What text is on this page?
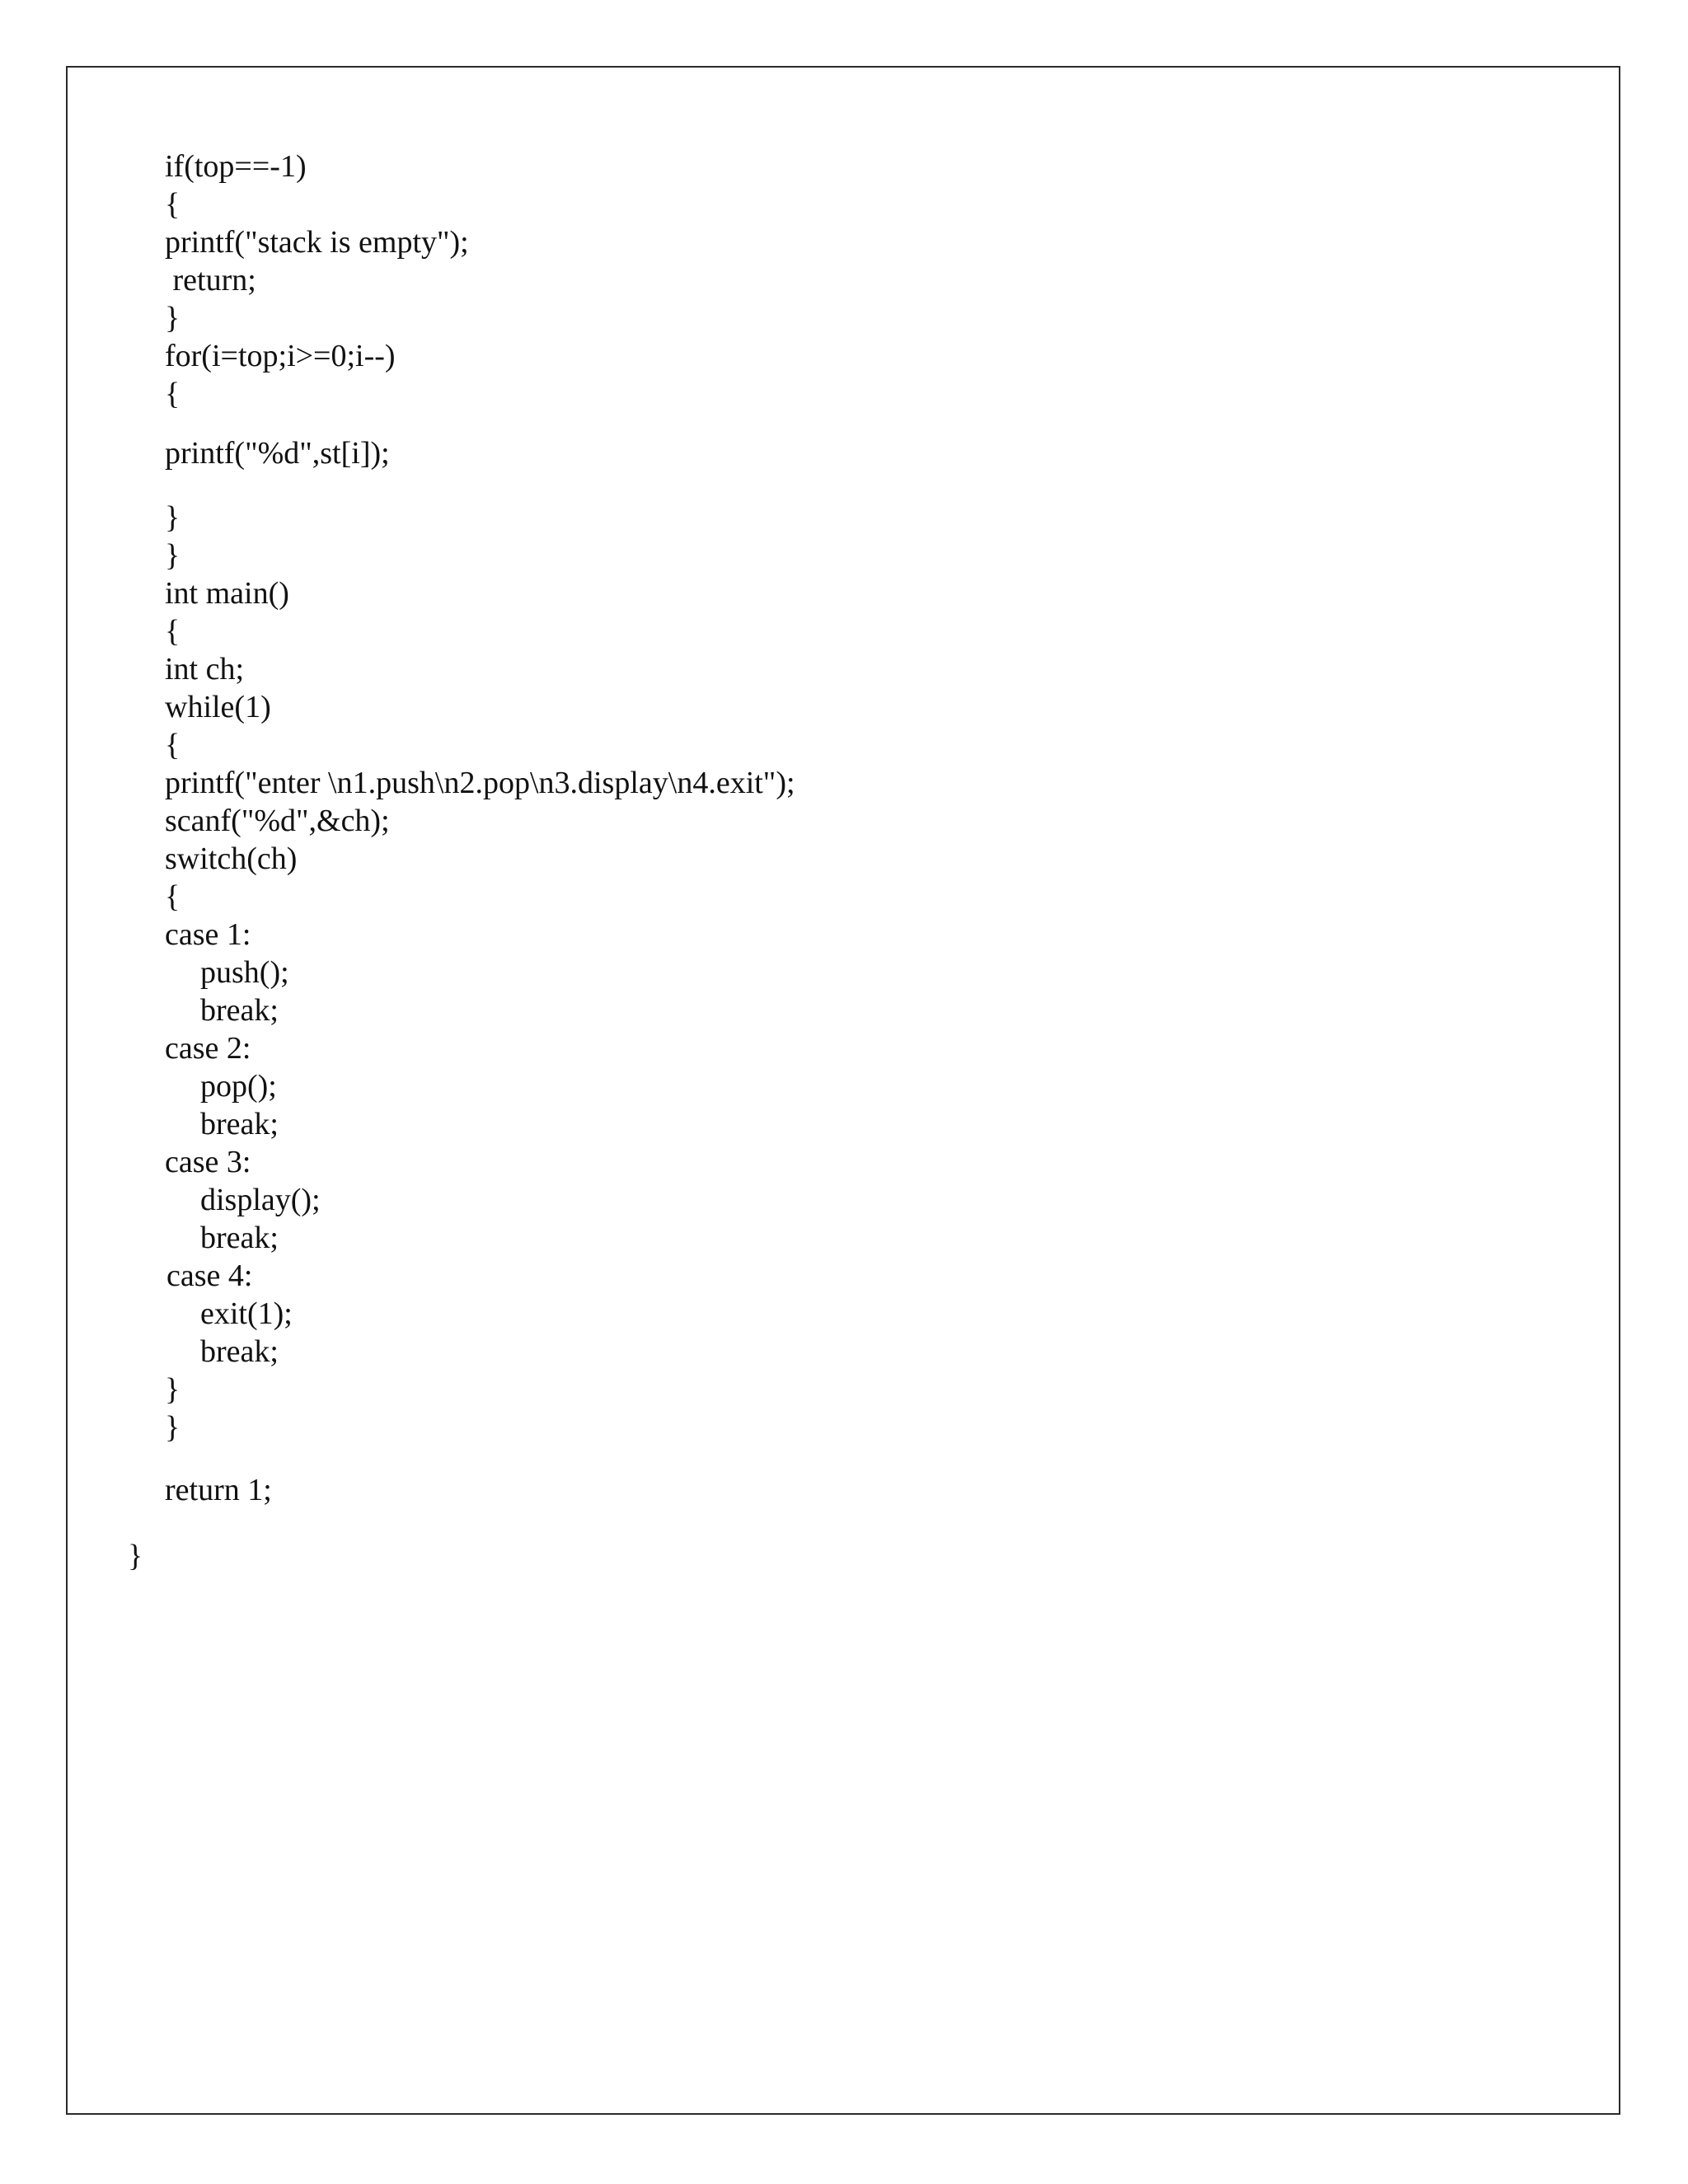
if(top==-1)
{
printf("stack is empty");
return;
}
for(i=top;i>=0;i--)
{
printf("%d",st[i]);
}
}
int main()
{
int ch;
while(1)
{
printf("enter \n1.push\n2.pop\n3.display\n4.exit");
scanf("%d",&ch);
switch(ch)
{
case 1:
push();
break;
case 2:
pop();
break;
case 3:
display();
break;
case 4:
exit(1);
break;
}
}
return 1;
}
